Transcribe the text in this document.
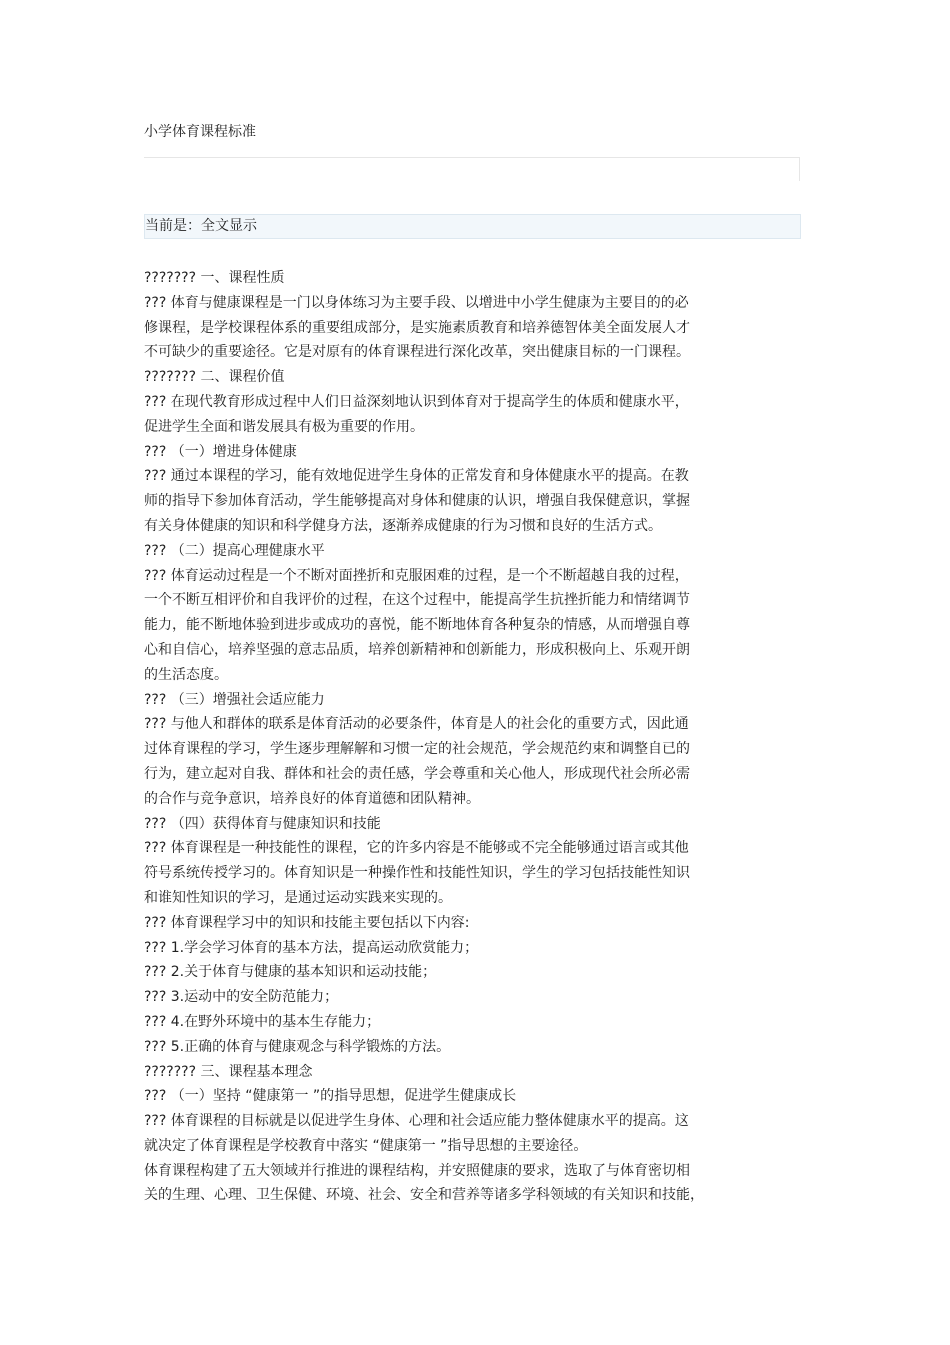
小学体育课程标准
当前是：全文显示

??????? 一、课程性质

??? 体育与健康课程是一门以身体练习为主要手段、以增进中小学生健康为主要目的的必

修课程，是学校课程体系的重要组成部分，是实施素质教育和培养德智体美全面发展人才

不可缺少的重要途径。它是对原有的体育课程进行深化改革，突出健康目标的一门课程。

??????? 二、课程价值

??? 在现代教育形成过程中人们日益深刻地认识到体育对于提高学生的体质和健康水平，

促进学生全面和谐发展具有极为重要的作用。

??? （一）增进身体健康

??? 通过本课程的学习，能有效地促进学生身体的正常发育和身体健康水平的提高。在教

师的指导下参加体育活动，学生能够提高对身体和健康的认识，增强自我保健意识，掌握

有关身体健康的知识和科学健身方法，逐渐养成健康的行为习惯和良好的生活方式。

??? （二）提高心理健康水平

??? 体育运动过程是一个不断对面挫折和克服困难的过程，是一个不断超越自我的过程，

一个不断互相评价和自我评价的过程，在这个过程中，能提高学生抗挫折能力和情绪调节

能力，能不断地体验到进步或成功的喜悦，能不断地体育各种复杂的情感，从而增强自尊

心和自信心，培养坚强的意志品质，培养创新精神和创新能力，形成积极向上、乐观开朗

的生活态度。

??? （三）增强社会适应能力

??? 与他人和群体的联系是体育活动的必要条件，体育是人的社会化的重要方式，因此通

过体育课程的学习，学生逐步理解解和习惯一定的社会规范，学会规范约束和调整自已的

行为，建立起对自我、群体和社会的责任感，学会尊重和关心他人，形成现代社会所必需

的合作与竞争意识，培养良好的体育道德和团队精神。

??? （四）获得体育与健康知识和技能

??? 体育课程是一种技能性的课程，它的许多内容是不能够或不完全能够通过语言或其他

符号系统传授学习的。体育知识是一种操作性和技能性知识，学生的学习包括技能性知识

和谁知性知识的学习，是通过运动实践来实现的。

??? 体育课程学习中的知识和技能主要包括以下内容:

??? 1.学会学习体育的基本方法，提高运动欣赏能力；

??? 2.关于体育与健康的基本知识和运动技能；

??? 3.运动中的安全防范能力；

??? 4.在野外环境中的基本生存能力；

??? 5.正确的体育与健康观念与科学锻炼的方法。

??????? 三、课程基本理念

??? （一）坚持 “健康第一 ”的指导思想，促进学生健康成长

??? 体育课程的目标就是以促进学生身体、心理和社会适应能力整体健康水平的提高。这

就决定了体育课程是学校教育中落实 “健康第一 ”指导思想的主要途径。

体育课程构建了五大领域并行推进的课程结构，并安照健康的要求，选取了与体育密切相

关的生理、心理、卫生保健、环境、社会、安全和营养等诸多学科领域的有关知识和技能，
